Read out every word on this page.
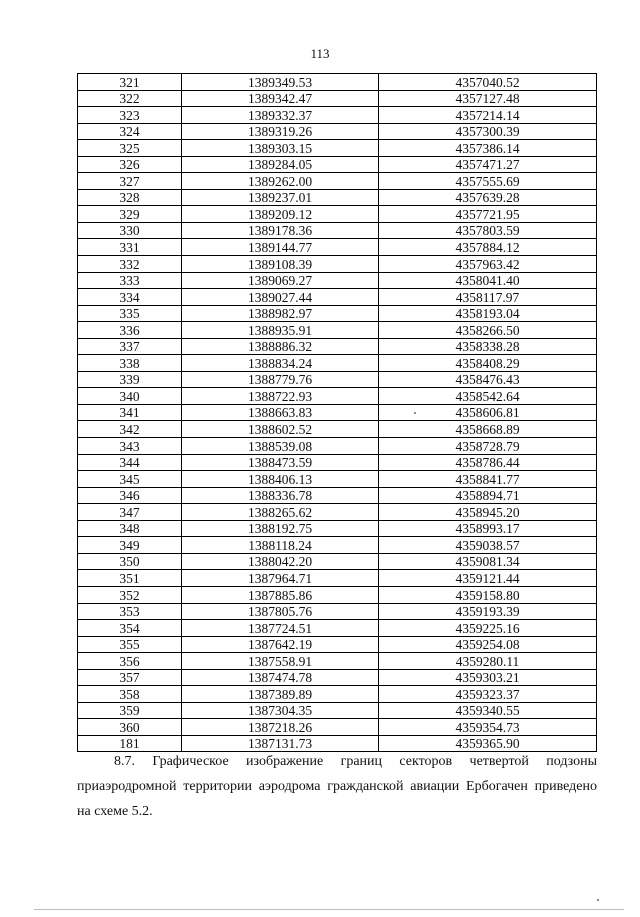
113
321	1389349.53	4357040.52
322	1389342.47	4357127.48
323	1389332.37	4357214.14
324	1389319.26	4357300.39
325	1389303.15	4357386.14
326	1389284.05	4357471.27
327	1389262.00	4357555.69
328	1389237.01	4357639.28
329	1389209.12	4357721.95
330	1389178.36	4357803.59
331	1389144.77	4357884.12
332	1389108.39	4357963.42
333	1389069.27	4358041.40
334	1389027.44	4358117.97
335	1388982.97	4358193.04
336	1388935.91	4358266.50
337	1388886.32	4358338.28
338	1388834.24	4358408.29
339	1388779.76	4358476.43
340	1388722.93	4358542.64
341	1388663.83	4358606.81
342	1388602.52	4358668.89
343	1388539.08	4358728.79
344	1388473.59	4358786.44
345	1388406.13	4358841.77
346	1388336.78	4358894.71
347	1388265.62	4358945.20
348	1388192.75	4358993.17
349	1388118.24	4359038.57
350	1388042.20	4359081.34
351	1387964.71	4359121.44
352	1387885.86	4359158.80
353	1387805.76	4359193.39
354	1387724.51	4359225.16
355	1387642.19	4359254.08
356	1387558.91	4359280.11
357	1387474.78	4359303.21
358	1387389.89	4359323.37
359	1387304.35	4359340.55
360	1387218.26	4359354.73
181	1387131.73	4359365.90

8.7. Графическое изображение границ секторов четвертой подзоны
приаэродромной территории аэродрома гражданской авиации Ербогачен приведено
на схеме 5.2.
